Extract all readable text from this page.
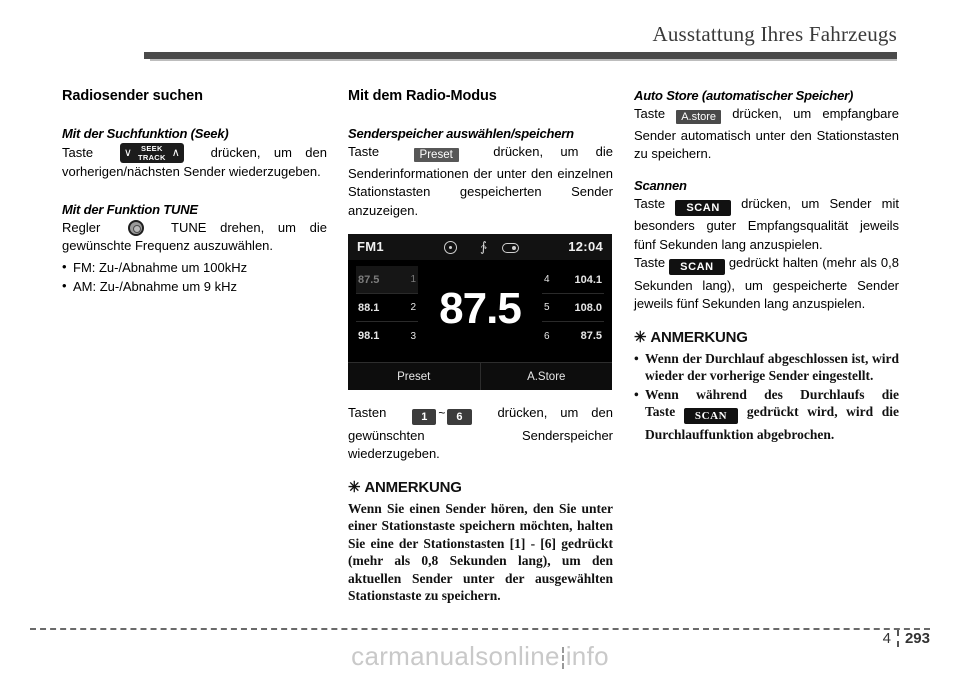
Ausstattung Ihres Fahrzeugs
Radiosender suchen
Mit der Suchfunktion (Seek)

Taste	∨	SEEK
TRACK ∧ drücken, um den vorherigen/nächsten Sender wiederzugeben.

Mit der Funktion TUNE

Regler	TUNE drehen, um die gewünschte Frequenz auszuwählen.

• FM: Zu-/Abnahme um 100kHz
• AM: Zu-/Abnahme um 9 kHz
Mit dem Radio-Modus
Senderspeicher auswählen/speichern

Taste	Preset	drücken, um die Senderinformationen der unter den einzelnen Stationstasten gespeicherten Sender anzuzeigen.

FM1	12:04
∱
87.5	1
88.1	2
98.1	3
87.5
4	104.1
5	108.0
6	87.5
Preset	A.Store

Tasten	$_1$ ~ $_6$	drücken, um den gewünschten Senderspeicher wiederzugeben.

✳ ANMERKUNG
Wenn Sie einen Sender hören, den Sie unter einer Stationstaste speichern möchten, halten Sie eine der Stationstasten [1] - [6] gedrückt (mehr als 0,8 Sekunden lang), um den aktuellen Sender unter der ausgewählten Stationstaste zu speichern.
Auto Store (automatischer Speicher)

Taste A.store drücken, um empfangbare Sender automatisch unter den Stationstasten zu speichern.

Scannen

Taste $_{SCAN}$ drücken, um Sender mit besonders guter Empfangsqualität jeweils fünf Sekunden lang anzuspielen.

Taste $_{SCAN}$ gedrückt halten (mehr als 0,8 Sekunden lang), um gespeicherte Sender jeweils fünf Sekunden lang anzuspielen.

✳ ANMERKUNG
• Wenn der Durchlauf abgeschlossen ist, wird wieder der vorherige Sender eingestellt.
• Wenn während des Durchlaufs die Taste $_{SCAN}$ gedrückt wird, wird die Durchlauffunktion abgebrochen.
carmanualsonline info
4 293
